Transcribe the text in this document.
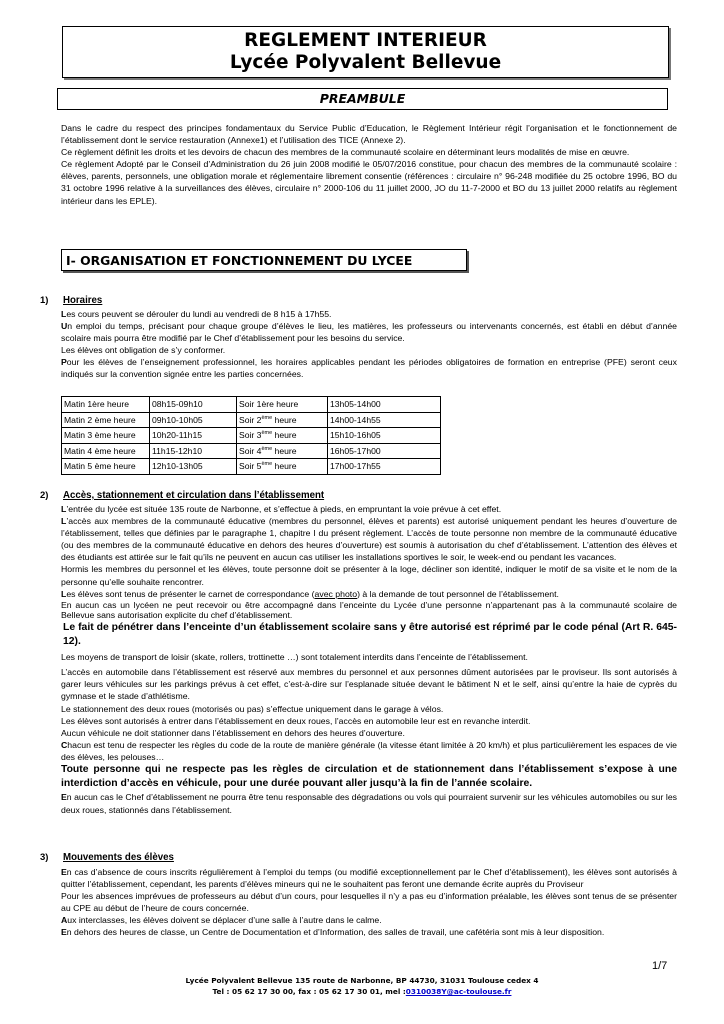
REGLEMENT INTERIEUR
Lycée Polyvalent Bellevue
PREAMBULE
Dans le cadre du respect des principes fondamentaux du Service Public d’Education, le Règlement Intérieur régit l’organisation et le fonctionnement de l’établissement dont le service restauration (Annexe1) et l’utilisation des TICE (Annexe 2).
Ce règlement définit les droits et les devoirs de chacun des membres de la communauté scolaire en déterminant leurs modalités de mise en œuvre.
Ce règlement Adopté par le Conseil d’Administration du 26 juin 2008 modifié le 05/07/2016 constitue, pour chacun des membres de la communauté scolaire : élèves, parents, personnels, une obligation morale et réglementaire librement consentie (références : circulaire n° 96-248 modifiée du 25 octobre 1996, BO du 31 octobre 1996 relative à la surveillances des élèves, circulaire n° 2000-106 du 11 juillet 2000, JO du 11-7-2000 et BO du 13 juillet 2000 relatifs au règlement intérieur dans les EPLE).
I- ORGANISATION ET FONCTIONNEMENT DU LYCEE
1) Horaires
Les cours peuvent se dérouler du lundi au vendredi de 8 h15 à 17h55.
Un emploi du temps, précisant pour chaque groupe d’élèves le lieu, les matières, les professeurs ou intervenants concernés, est établi en début d’année scolaire mais pourra être modifié par le Chef d’établissement pour les besoins du service.
Les élèves ont obligation de s’y conformer.
Pour les élèves de l’enseignement professionnel, les horaires applicables pendant les périodes obligatoires de formation en entreprise (PFE) seront ceux indiqués sur la convention signée entre les parties concernées.
Matin 1ère heure	08h15-09h10	Soir 1ère heure	13h05-14h00
Matin 2 ème heure	09h10-10h05	Soir 2ème heure	14h00-14h55
Matin 3 ème heure	10h20-11h15	Soir 3ème heure	15h10-16h05
Matin 4 ème heure	11h15-12h10	Soir 4ème heure	16h05-17h00
Matin 5 ème heure	12h10-13h05	Soir 5ème heure	17h00-17h55
2) Accès, stationnement et circulation dans l’établissement
L’entrée du lycée est située 135 route de Narbonne, et s’effectue à pieds, en empruntant la voie prévue à cet effet.
L’accès aux membres de la communauté éducative (membres du personnel, élèves et parents) est autorisé uniquement pendant les heures d’ouverture de l’établissement, telles que définies par le paragraphe 1, chapitre I du présent règlement. L’accès de toute personne non membre de la communauté éducative (ou des membres de la communauté éducative en dehors des heures d’ouverture) est soumis à autorisation du chef d’établissement. L’attention des élèves et des étudiants est attirée sur le fait qu’ils ne peuvent en aucun cas utiliser les installations sportives le soir, le week-end ou pendant les vacances.
Hormis les membres du personnel et les élèves, toute personne doit se présenter à la loge, décliner son identité, indiquer le motif de sa visite et le nom de la personne qu’elle souhaite rencontrer.
Les élèves sont tenus de présenter le carnet de correspondance (avec photo) à la demande de tout personnel de l’établissement.
En aucun cas un lycéen ne peut recevoir ou être accompagné dans l’enceinte du Lycée d’une personne n’appartenant pas à la communauté scolaire de Bellevue sans autorisation explicite du chef d’établissement.
Le fait de pénétrer dans l’enceinte d’un établissement scolaire sans y être autorisé est réprimé par le code pénal (Art R. 645-12).
Les moyens de transport de loisir (skate, rollers, trottinette …) sont totalement interdits dans l’enceinte de l’établissement.
L’accès en automobile dans l’établissement est réservé aux membres du personnel et aux personnes dûment autorisées par le proviseur. Ils sont autorisés à garer leurs véhicules sur les parkings prévus à cet effet, c’est-à-dire sur l’esplanade située devant le bâtiment N et le self, ainsi qu’entre la haie de cyprès du gymnase et le stade d’athlétisme.
Le stationnement des deux roues (motorisés ou pas) s’effectue uniquement dans le garage à vélos.
Les élèves sont autorisés à entrer dans l’établissement en deux roues, l’accès en automobile leur est en revanche interdit.
Aucun véhicule ne doit stationner dans l’établissement en dehors des heures d’ouverture.
Chacun est tenu de respecter les règles du code de la route de manière générale (la vitesse étant limitée à 20 km/h) et plus particulièrement les espaces de vie des élèves, les pelouses…
Toute personne qui ne respecte pas les règles de circulation et de stationnement dans l’établissement s’expose à une interdiction d’accès en véhicule, pour une durée pouvant aller jusqu’à la fin de l’année scolaire.
En aucun cas le Chef d’établissement ne pourra être tenu responsable des dégradations ou vols qui pourraient survenir sur les véhicules automobiles ou sur les deux roues, stationnés dans l’établissement.
3) Mouvements des élèves
En cas d’absence de cours inscrits régulièrement à l’emploi du temps (ou modifié exceptionnellement par le Chef d’établissement), les élèves sont autorisés à quitter l’établissement, cependant, les parents d’élèves mineurs qui ne le souhaitent pas feront une demande écrite auprès du Proviseur
Pour les absences imprévues de professeurs au début d’un cours, pour lesquelles il n’y a pas eu d’information préalable, les élèves sont tenus de se présenter au CPE au début de l’heure de cours concernée.
Aux interclasses, les élèves doivent se déplacer d’une salle à l’autre dans le calme.
En dehors des heures de classe, un Centre de Documentation et d’Information, des salles de travail, une cafétéria sont mis à leur disposition.
1/7
Lycée Polyvalent Bellevue 135 route de Narbonne, BP 44730, 31031 Toulouse cedex 4
Tel : 05 62 17 30 00, fax : 05 62 17 30 01, mel :0310038Y@ac-toulouse.fr
